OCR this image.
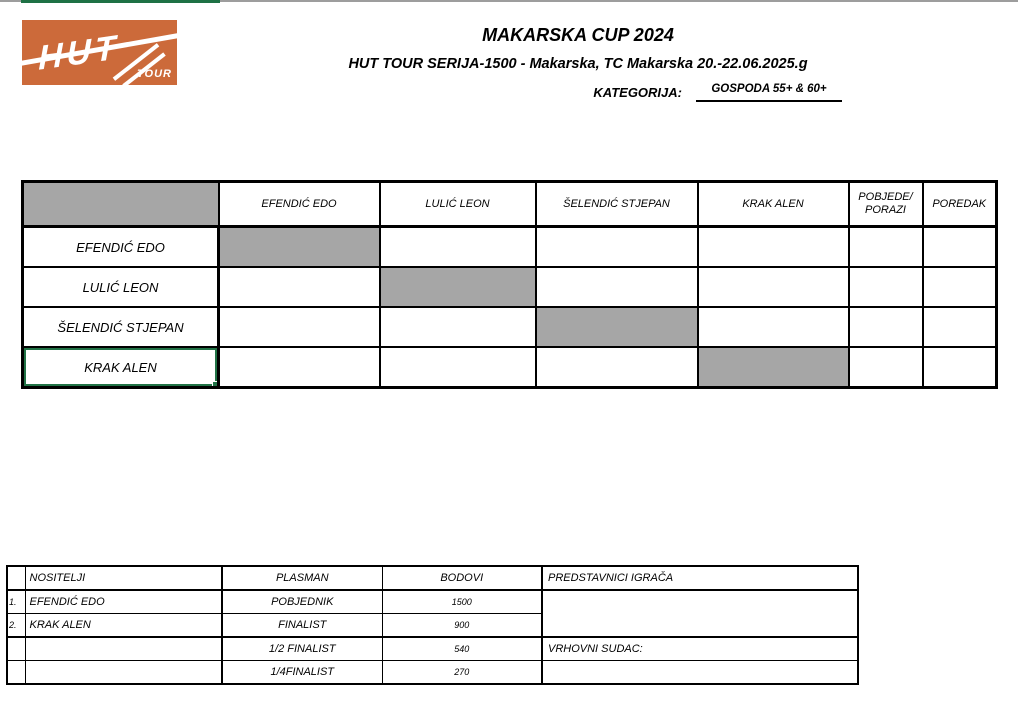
HUT TOUR
MAKARSKA CUP 2024
HUT TOUR SERIJA-1500 - Makarska, TC Makarska 20.-22.06.2025.g
KATEGORIJA:	GOSPODA 55+ & 60+
	EFENDIĆ EDO	LULIĆ LEON	ŠELENDIĆ STJEPAN	KRAK ALEN	POBJEDE/
PORAZI	POREDAK
EFENDIĆ EDO						
LULIĆ LEON						
ŠELENDIĆ STJEPAN						
KRAK ALEN						
	NOSITELJI	PLASMAN	BODOVI	PREDSTAVNICI IGRAČA
1.	EFENDIĆ EDO	POBJEDNIK	1500	
2.	KRAK ALEN	FINALIST	900	
		1/2 FINALIST	540	VRHOVNI SUDAC:
		1/4FINALIST	270	
